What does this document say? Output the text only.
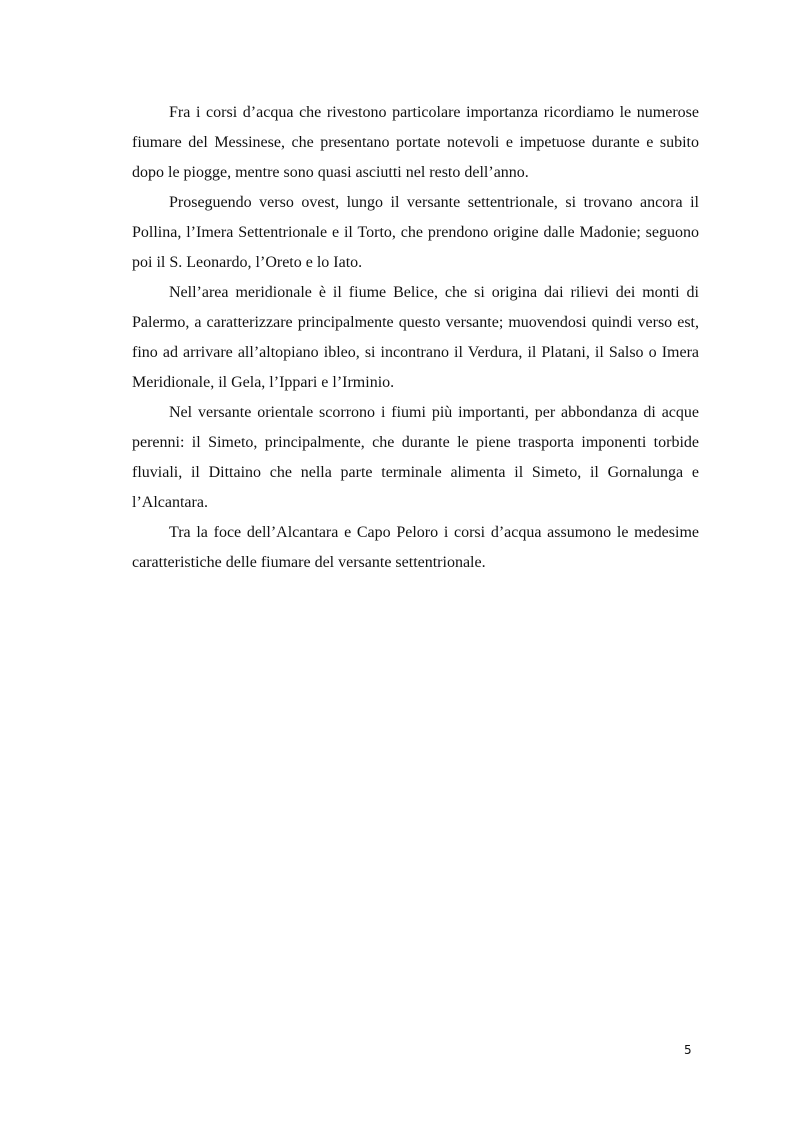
Fra i corsi d’acqua che rivestono particolare importanza ricordiamo le numerose fiumare del Messinese, che presentano portate notevoli e impetuose durante e subito dopo le piogge, mentre sono quasi asciutti nel resto dell’anno.

Proseguendo verso ovest, lungo il versante settentrionale, si trovano ancora il Pollina, l’Imera Settentrionale e il Torto, che prendono origine dalle Madonie; seguono poi il S. Leonardo, l’Oreto e lo Iato.

Nell’area meridionale è il fiume Belice, che si origina dai rilievi dei monti di Palermo, a caratterizzare principalmente questo versante; muovendosi quindi verso est, fino ad arrivare all’altopiano ibleo, si incontrano il Verdura, il Platani, il Salso o Imera Meridionale, il Gela, l’Ippari e l’Irminio.

Nel versante orientale scorrono i fiumi più importanti, per abbondanza di acque perenni: il Simeto, principalmente, che durante le piene trasporta imponenti torbide fluviali, il Dittaino che nella parte terminale alimenta il Simeto, il Gornalunga e l’Alcantara.

Tra la foce dell’Alcantara e Capo Peloro i corsi d’acqua assumono le medesime caratteristiche delle fiumare del versante settentrionale.

5
